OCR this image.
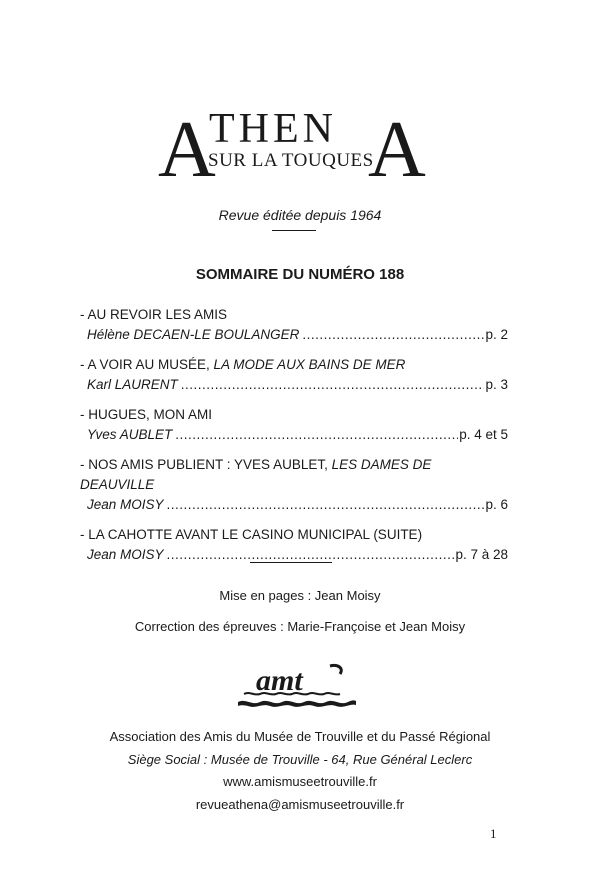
A
THEN
SUR LA TOUQUES
A
Revue éditée depuis 1964
SOMMAIRE DU NUMÉRO 188
- AU REVOIR LES AMIS
Hélène DECAEN-LE BOULANGER .....	p. 2
- A VOIR AU MUSÉE, LA MODE AUX BAINS DE MER
Karl LAURENT .....	p. 3
- HUGUES, MON AMI
Yves AUBLET .....	p. 4 et 5
- NOS AMIS PUBLIENT : YVES AUBLET, LES DAMES DE DEAUVILLE
Jean MOISY .....	p. 6
- LA CAHOTTE AVANT LE CASINO MUNICIPAL (SUITE)
Jean MOISY .....	p. 7 à 28
Mise en pages : Jean Moisy
Correction des épreuves : Marie-Françoise et Jean Moisy
amt
Association des Amis du Musée de Trouville et du Passé Régional
Siège Social : Musée de Trouville - 64, Rue Général Leclerc
www.amismuseetrouville.fr
revueathena@amismuseetrouville.fr
1
